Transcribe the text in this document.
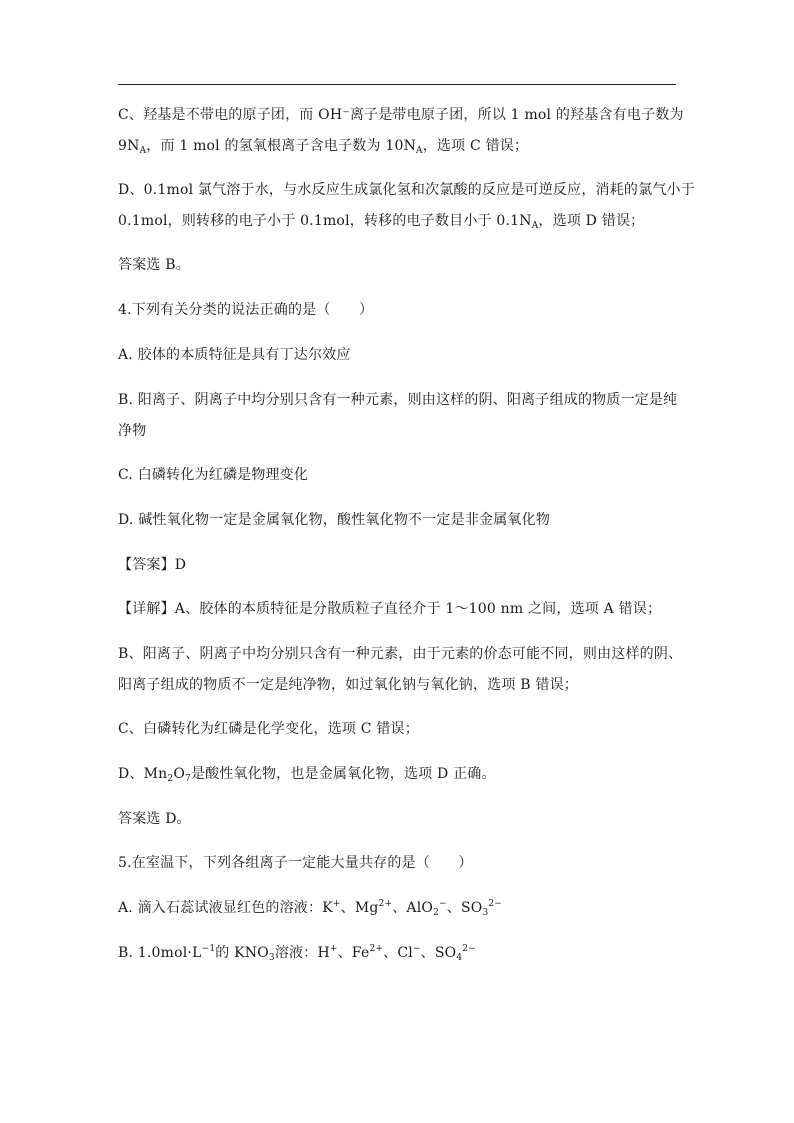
C、羟基是不带电的原子团，而 OH⁻离子是带电原子团，所以 1 mol 的羟基含有电子数为
$9N_A$，而 1 mol 的氢氧根离子含电子数为 $10N_A$，选项 C 错误；
D、0.1mol 氯气溶于水，与水反应生成氯化氢和次氯酸的反应是可逆反应，消耗的氯气小于
0.1mol，则转移的电子小于 0.1mol，转移的电子数目小于 $0.1N_A$，选项 D 错误；
答案选 B。
4.下列有关分类的说法正确的是（　　）
A. 胶体的本质特征是具有丁达尔效应
B. 阳离子、阴离子中均分别只含有一种元素，则由这样的阴、阳离子组成的物质一定是纯
净物
C. 白磷转化为红磷是物理变化
D. 碱性氧化物一定是金属氧化物，酸性氧化物不一定是非金属氧化物
【答案】D
【详解】A、胶体的本质特征是分散质粒子直径介于 1～100 nm 之间，选项 A 错误；
B、阳离子、阴离子中均分别只含有一种元素，由于元素的价态可能不同，则由这样的阴、
阳离子组成的物质不一定是纯净物，如过氧化钠与氧化钠，选项 B 错误；
C、白磷转化为红磷是化学变化，选项 C 错误；
D、$Mn_2O_7$是酸性氧化物，也是金属氧化物，选项 D 正确。
答案选 D。
5.在室温下，下列各组离子一定能大量共存的是（　　）
A. 滴入石蕊试液显红色的溶液：K+、$Mg^{2+}$、AlO$_2$−、$SO_3^{2-}$
B. $1.0mol\cdot L^{-1}$的 $KNO_3$溶液：H+、$Fe^{2+}$、Cl−、$SO_4^{2-}$
